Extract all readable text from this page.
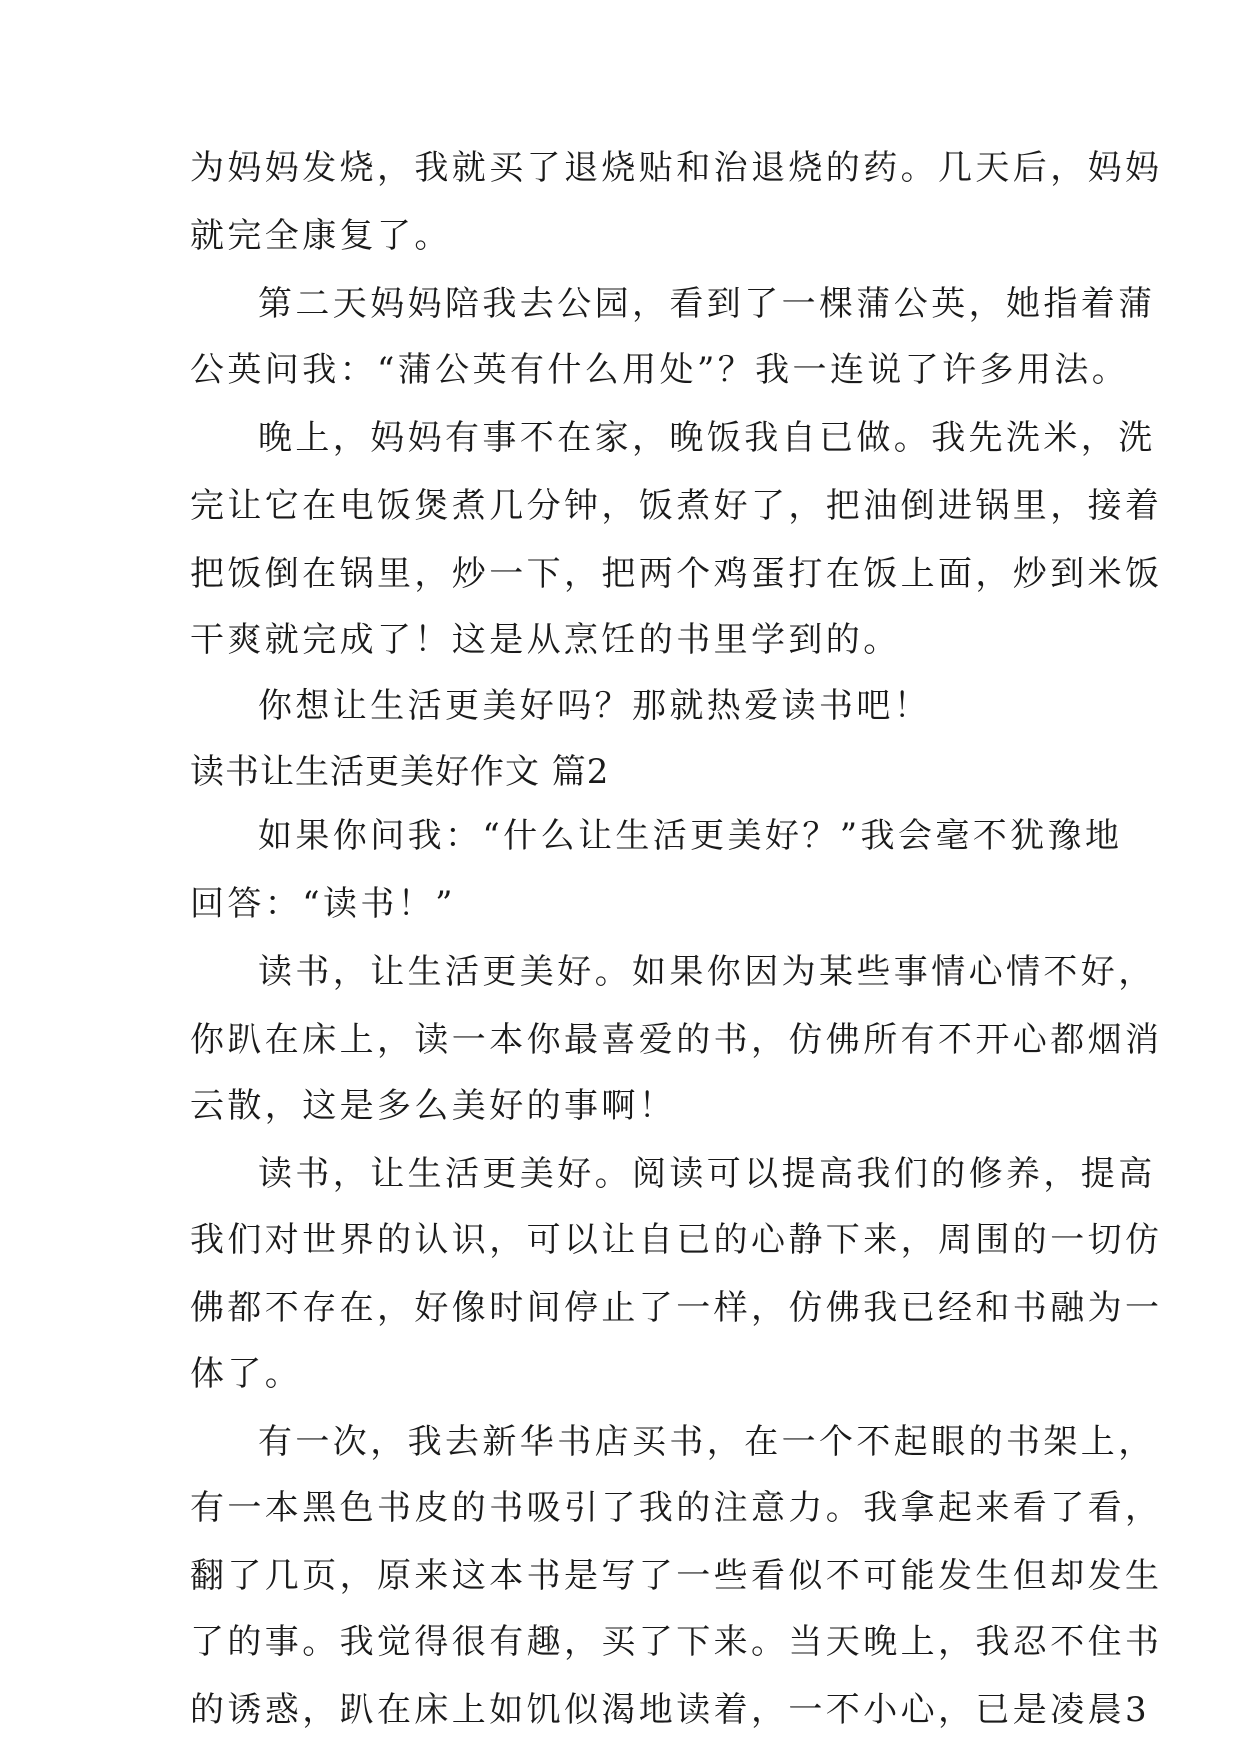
为妈妈发烧，我就买了退烧贴和治退烧的药。几天后，妈妈

就完全康复了。

第二天妈妈陪我去公园，看到了一棵蒲公英，她指着蒲

公英问我：“蒲公英有什么用处”？我一连说了许多用法。

晚上，妈妈有事不在家，晚饭我自已做。我先洗米，洗

完让它在电饭煲煮几分钟，饭煮好了，把油倒进锅里，接着

把饭倒在锅里，炒一下，把两个鸡蛋打在饭上面，炒到米饭

干爽就完成了！这是从烹饪的书里学到的。

你想让生活更美好吗？那就热爱读书吧！

读书让生活更美好作文 篇2

如果你问我：“什么让生活更美好？”我会毫不犹豫地

回答：“读书！”

读书，让生活更美好。如果你因为某些事情心情不好，

你趴在床上，读一本你最喜爱的书，仿佛所有不开心都烟消

云散，这是多么美好的事啊！

读书，让生活更美好。阅读可以提高我们的修养，提高

我们对世界的认识，可以让自已的心静下来，周围的一切仿

佛都不存在，好像时间停止了一样，仿佛我已经和书融为一

体了。

有一次，我去新华书店买书，在一个不起眼的书架上，

有一本黑色书皮的书吸引了我的注意力。我拿起来看了看，

翻了几页，原来这本书是写了一些看似不可能发生但却发生

了的事。我觉得很有趣，买了下来。当天晚上，我忍不住书

的诱惑，趴在床上如饥似渴地读着，一不小心，已是凌晨3
